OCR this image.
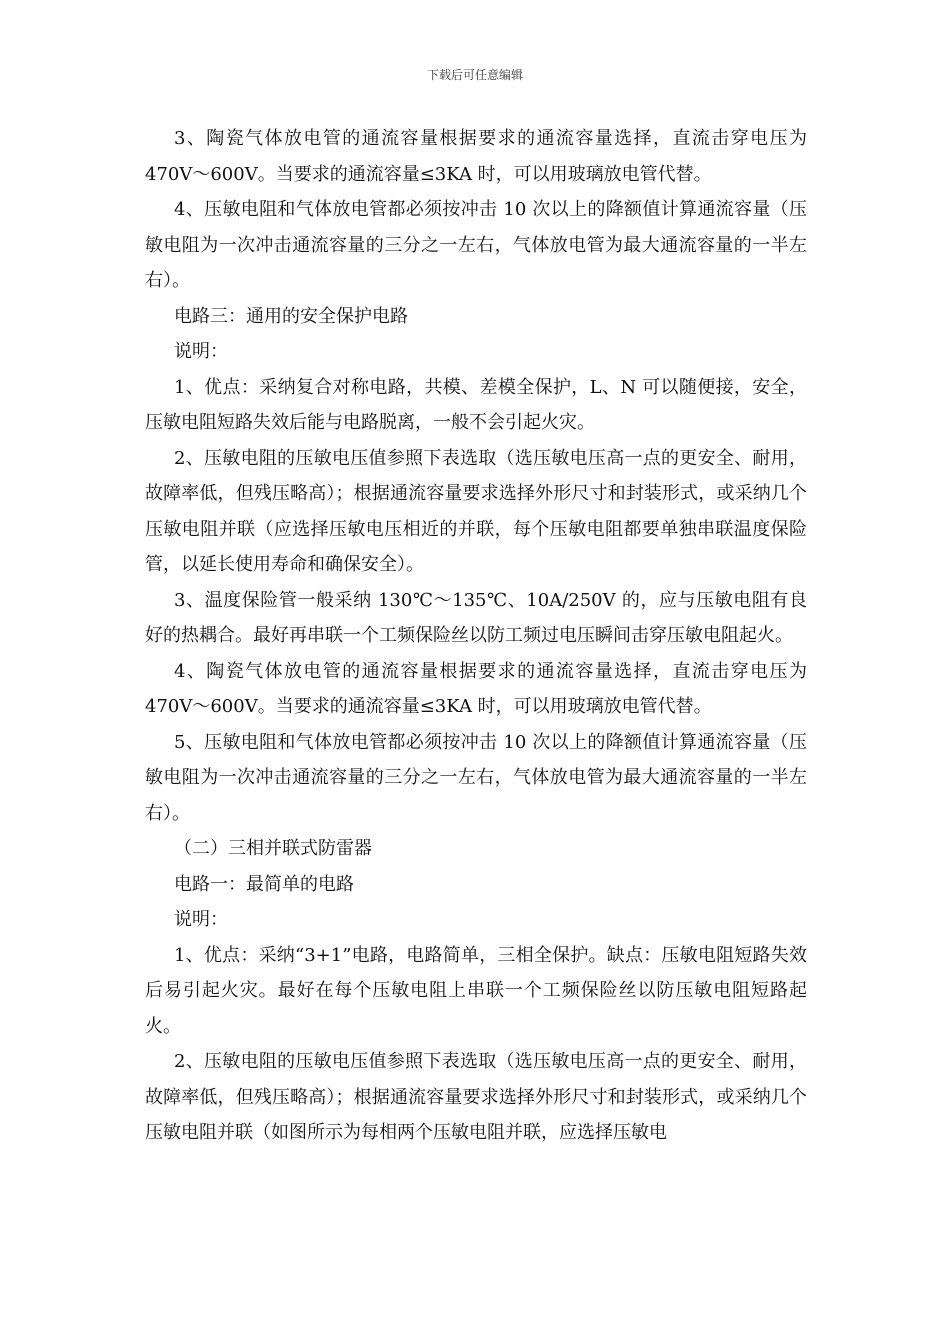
下载后可任意编辑

3、陶瓷气体放电管的通流容量根据要求的通流容量选择，直流击穿电压为470V～600V。当要求的通流容量≤3KA 时，可以用玻璃放电管代替。

4、压敏电阻和气体放电管都必须按冲击 10 次以上的降额值计算通流容量（压敏电阻为一次冲击通流容量的三分之一左右，气体放电管为最大通流容量的一半左右）。

电路三：通用的安全保护电路

说明：

1、优点：采纳复合对称电路，共模、差模全保护，L、N 可以随便接，安全，压敏电阻短路失效后能与电路脱离，一般不会引起火灾。

2、压敏电阻的压敏电压值参照下表选取（选压敏电压高一点的更安全、耐用，故障率低，但残压略高）；根据通流容量要求选择外形尺寸和封装形式，或采纳几个压敏电阻并联（应选择压敏电压相近的并联，每个压敏电阻都要单独串联温度保险管，以延长使用寿命和确保安全）。

3、温度保险管一般采纳 130℃～135℃、10A/250V 的，应与压敏电阻有良好的热耦合。最好再串联一个工频保险丝以防工频过电压瞬间击穿压敏电阻起火。

4、陶瓷气体放电管的通流容量根据要求的通流容量选择，直流击穿电压为470V～600V。当要求的通流容量≤3KA 时，可以用玻璃放电管代替。

5、压敏电阻和气体放电管都必须按冲击 10 次以上的降额值计算通流容量（压敏电阻为一次冲击通流容量的三分之一左右，气体放电管为最大通流容量的一半左右）。

（二）三相并联式防雷器

电路一：最简单的电路

说明：

1、优点：采纳“3+1”电路，电路简单，三相全保护。缺点：压敏电阻短路失效后易引起火灾。最好在每个压敏电阻上串联一个工频保险丝以防压敏电阻短路起火。

2、压敏电阻的压敏电压值参照下表选取（选压敏电压高一点的更安全、耐用，故障率低，但残压略高）；根据通流容量要求选择外形尺寸和封装形式，或采纳几个压敏电阻并联（如图所示为每相两个压敏电阻并联，应选择压敏电
